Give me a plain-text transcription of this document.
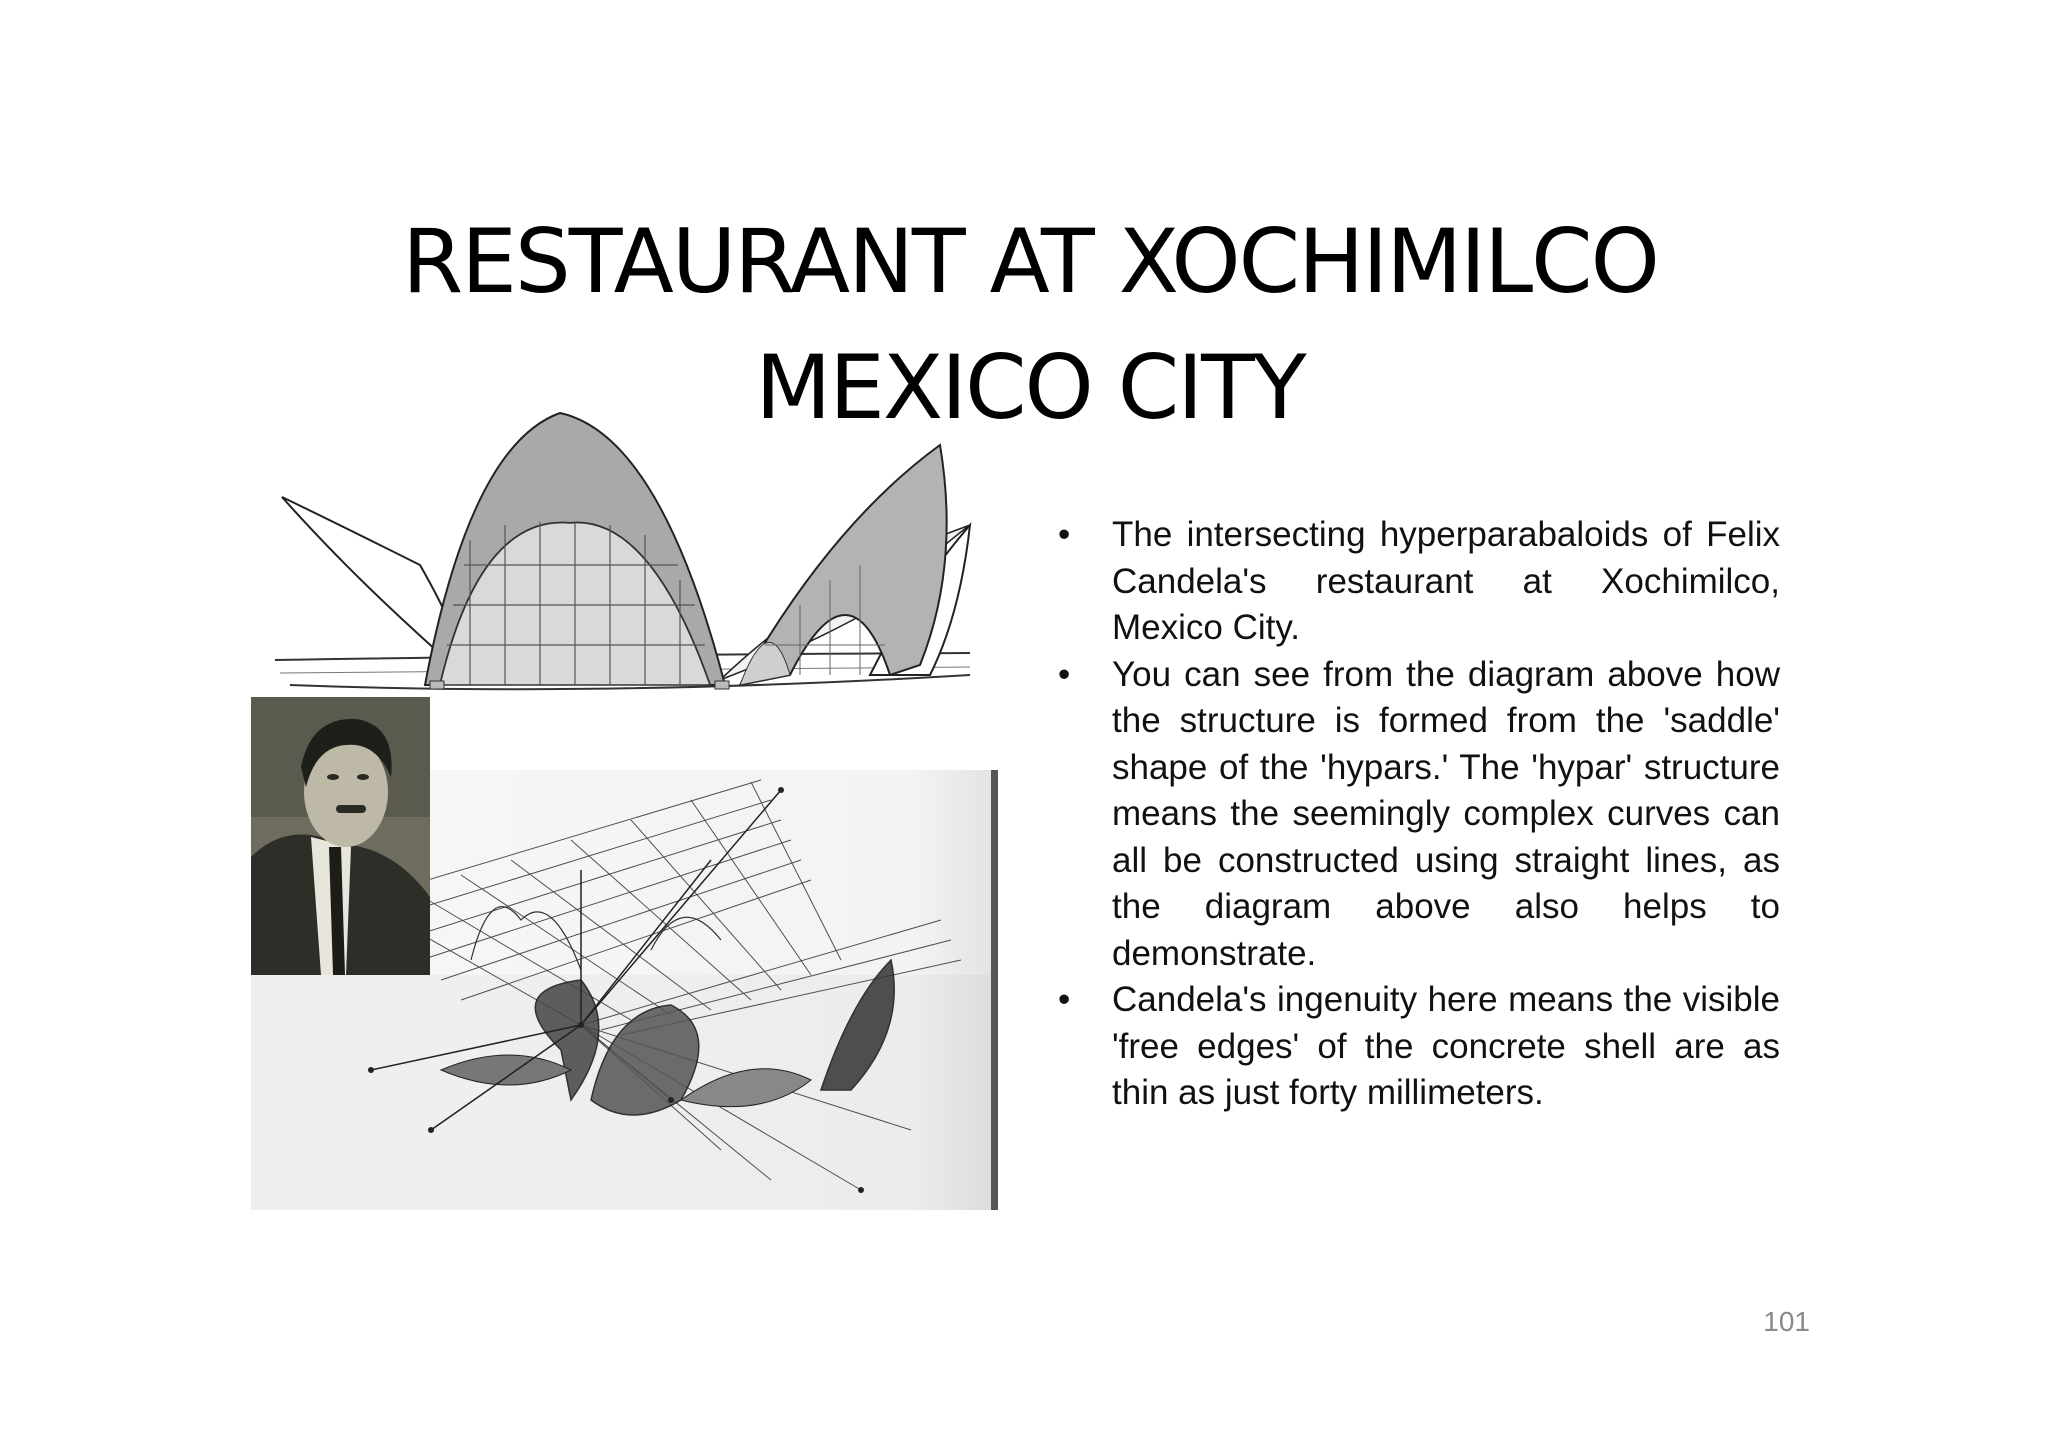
RESTAURANT AT XOCHIMILCO
MEXICO CITY
• The intersecting hyperparabaloids of Felix Candela's restaurant at Xochimilco, Mexico City.
• You can see from the diagram above how the structure is formed from the 'saddle' shape of the 'hypars.' The 'hypar' structure means the seemingly complex curves can all be constructed using straight lines, as the diagram above also helps to demonstrate.
• Candela's ingenuity here means the visible 'free edges' of the concrete shell are as thin as just forty millimeters.
101
